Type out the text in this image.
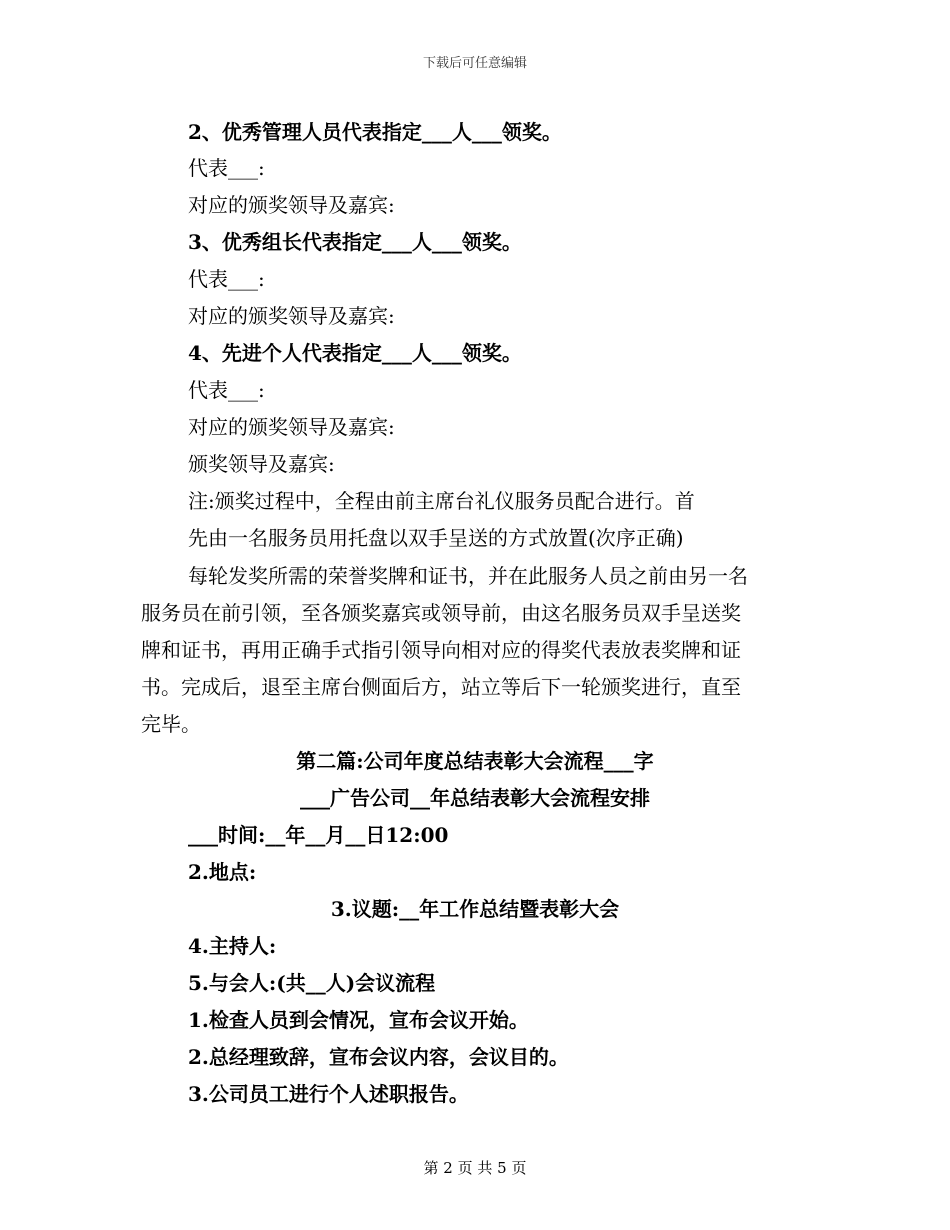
下载后可任意编辑
2、优秀管理人员代表指定___人___领奖。
代表___:
对应的颁奖领导及嘉宾:
3、优秀组长代表指定___人___领奖。
代表___:
对应的颁奖领导及嘉宾:
4、先进个人代表指定___人___领奖。
代表___:
对应的颁奖领导及嘉宾:
颁奖领导及嘉宾:
注:颁奖过程中，全程由前主席台礼仪服务员配合进行。首
先由一名服务员用托盘以双手呈送的方式放置(次序正确)
每轮发奖所需的荣誉奖牌和证书，并在此服务人员之前由另一名
服务员在前引领，至各颁奖嘉宾或领导前，由这名服务员双手呈送奖
牌和证书，再用正确手式指引领导向相对应的得奖代表放表奖牌和证
书。完成后，退至主席台侧面后方，站立等后下一轮颁奖进行，直至
完毕。
第二篇:公司年度总结表彰大会流程___字
___广告公司__年总结表彰大会流程安排
___时间:__年__月__日12:00
2.地点:
3.议题:__年工作总结暨表彰大会
4.主持人:
5.与会人:(共__人)会议流程
1.检查人员到会情况，宣布会议开始。
2.总经理致辞，宣布会议内容，会议目的。
3.公司员工进行个人述职报告。
第 2 页 共 5 页
